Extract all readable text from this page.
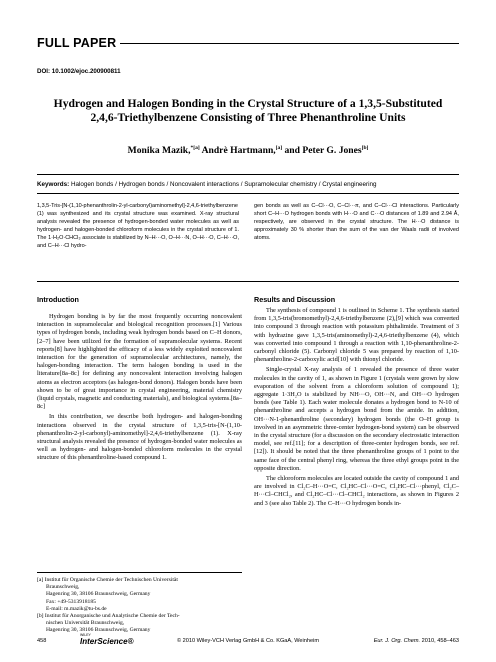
FULL PAPER
DOI: 10.1002/ejoc.200900811
Hydrogen and Halogen Bonding in the Crystal Structure of a 1,3,5-Substituted
2,4,6-Triethylbenzene Consisting of Three Phenanthroline Units
Monika Mazik,$^{*[a]}$ Andrè Hartmann,[a] and Peter G. Jones[b]
Keywords: Halogen bonds / Hydrogen bonds / Noncovalent interactions / Supramolecular chemistry / Crystal engineering
1,3,5-Tris-[N-(1,10-phenanthrolin-2-yl-carbonyl)aminomethyl]-2,4,6-triethylbenzene (1) was synthesized and its crystal structure was examined. X-ray structural analysis revealed the presence of hydrogen-bonded water molecules as well as hydrogen- and halogen-bonded chloroform molecules in the crystal structure of 1. The 1·H₂O·CHCl₃ associate is stabilized by N–H···O, O–H···N, O–H···O, C–H···O, and C–H···Cl hydro-
gen bonds as well as C–Cl···O, C–Cl···π, and C–Cl···Cl interactions. Particularly short C–H···O hydrogen bonds with H···O and C···O distances of 1.89 and 2.94 Å, respectively, are observed in the crystal structure. The H···O distance is approximately 30 % shorter than the sum of the van der Waals radii of involved atoms.
Introduction

Hydrogen bonding is by far the most frequently occurring noncovalent interaction in supramolecular and biological recognition processes.[1] Various types of hydrogen bonds, including weak hydrogen bonds based on C–H donors,[2–7] have been utilized for the formation of supramolecular systems. Recent reports[8] have highlighted the efficacy of a less widely exploited noncovalent interaction for the generation of supramolecular architectures, namely, the halogen-bonding interaction. The term halogen bonding is used in the literature[8a–8c] for defining any noncovalent interaction involving halogen atoms as electron acceptors (as halogen-bond donors). Halogen bonds have been shown to be of great importance in crystal engineering, material chemistry (liquid crystals, magnetic and conducting materials), and biological systems.[8a–8c]

In this contribution, we describe both hydrogen- and halogen-bonding interactions observed in the crystal structure of 1,3,5-tris-[N-(1,10-phenanthrolin-2-yl-carbonyl)-aminomethyl]-2,4,6-triethylbenzene (1). X-ray structural analysis revealed the presence of hydrogen-bonded water molecules as well as hydrogen- and halogen-bonded chloroform molecules in the crystal structure of this phenanthroline-based compound 1.

[a] Institut für Organische Chemie der Technischen Universität
Braunschweig,
Hagenring 30, 38106 Braunschweig, Germany
Fax: +49-5313918185
E-mail: m.mazik@tu-bs.de
[b] Institut für Anorganische und Analytische Chemie der Tech-
nischen Universität Braunschweig,
Hagenring 30, 38106 Braunschweig, Germany
Results and Discussion

The synthesis of compound 1 is outlined in Scheme 1. The synthesis started from 1,3,5-tris(bromomethyl)-2,4,6-triethylbenzene (2),[9] which was converted into compound 3 through reaction with potassium phthalimide. Treatment of 3 with hydrazine gave 1,3,5-tris(aminomethyl)-2,4,6-triethylbenzene (4), which was converted into compound 1 through a reaction with 1,10-phenanthroline-2-carbonyl chloride (5). Carbonyl chloride 5 was prepared by reaction of 1,10-phenanthroline-2-carboxylic acid[10] with thionyl chloride.

Single-crystal X-ray analysis of 1 revealed the presence of three water molecules in the cavity of 1, as shown in Figure 1 (crystals were grown by slow evaporation of the solvent from a chloroform solution of compound 1); aggregate 1·3H₂O is stabilized by NH···O, OH···N, and OH···O hydrogen bonds (see Table 1). Each water molecule donates a hydrogen bond to N-10 of phenanthroline and accepts a hydrogen bond from the amide. In addition, OH···N-1-phenanthroline (secondary) hydrogen bonds (the O–H group is involved in an asymmetric three-center hydrogen-bond system) can be observed in the crystal structure (for a discussion on the secondary electrostatic interaction model, see ref.[11]; for a description of three-center hydrogen bonds, see ref.[12]). It should be noted that the three phenanthroline groups of 1 point to the same face of the central phenyl ring, whereas the three ethyl groups point in the opposite direction.

The chloroform molecules are located outside the cavity of compound 1 and are involved in Cl₂C–H···O=C, Cl₂HC–Cl···O=C, Cl₂HC–Cl···phenyl, Cl₂C–H···Cl–CHCl₂, and Cl₂HC–Cl···Cl–CHCl₂ interactions, as shown in Figures 2 and 3 (see also Table 2). The C–H···O hydrogen bonds in-

458	© 2010 Wiley-VCH Verlag GmbH & Co. KGaA, Weinheim	Eur. J. Org. Chem. 2010, 458–463
WILEY
InterScience®
